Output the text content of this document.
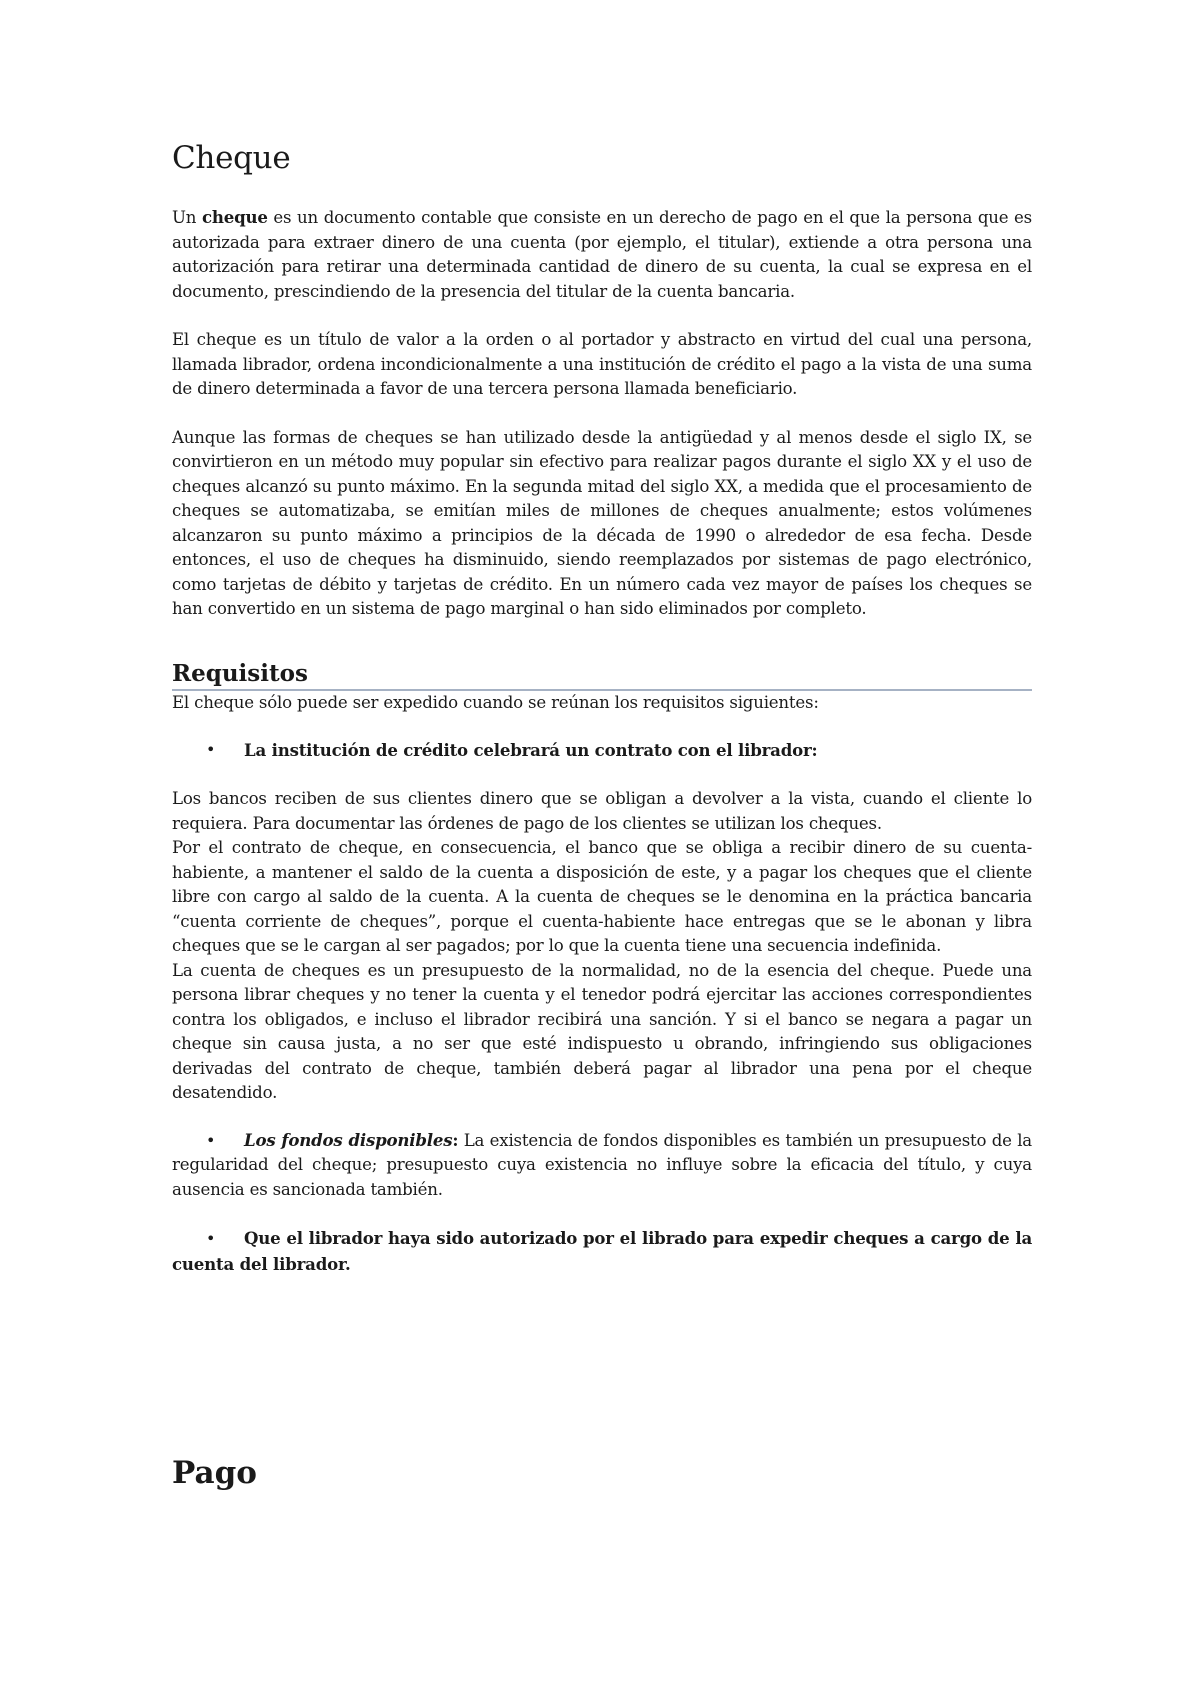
Cheque

Un cheque es un documento contable que consiste en un derecho de pago en el que la persona que es autorizada para extraer dinero de una cuenta (por ejemplo, el titular), extiende a otra persona una autorización para retirar una determinada cantidad de dinero de su cuenta, la cual se expresa en el documento, prescindiendo de la presencia del titular de la cuenta bancaria.

El cheque es un título de valor a la orden o al portador y abstracto en virtud del cual una persona, llamada librador, ordena incondicionalmente a una institución de crédito el pago a la vista de una suma de dinero determinada a favor de una tercera persona llamada beneficiario.

Aunque las formas de cheques se han utilizado desde la antigüedad y al menos desde el siglo IX, se convirtieron en un método muy popular sin efectivo para realizar pagos durante el siglo XX y el uso de cheques alcanzó su punto máximo. En la segunda mitad del siglo XX, a medida que el procesamiento de cheques se automatizaba, se emitían miles de millones de cheques anualmente; estos volúmenes alcanzaron su punto máximo a principios de la década de 1990 o alrededor de esa fecha. Desde entonces, el uso de cheques ha disminuido, siendo reemplazados por sistemas de pago electrónico, como tarjetas de débito y tarjetas de crédito. En un número cada vez mayor de países los cheques se han convertido en un sistema de pago marginal o han sido eliminados por completo.

Requisitos

El cheque sólo puede ser expedido cuando se reúnan los requisitos siguientes:

• La institución de crédito celebrará un contrato con el librador:

Los bancos reciben de sus clientes dinero que se obligan a devolver a la vista, cuando el cliente lo requiera. Para documentar las órdenes de pago de los clientes se utilizan los cheques.

Por el contrato de cheque, en consecuencia, el banco que se obliga a recibir dinero de su cuenta-habiente, a mantener el saldo de la cuenta a disposición de este, y a pagar los cheques que el cliente libre con cargo al saldo de la cuenta. A la cuenta de cheques se le denomina en la práctica bancaria “cuenta corriente de cheques”, porque el cuenta-habiente hace entregas que se le abonan y libra cheques que se le cargan al ser pagados; por lo que la cuenta tiene una secuencia indefinida.

La cuenta de cheques es un presupuesto de la normalidad, no de la esencia del cheque. Puede una persona librar cheques y no tener la cuenta y el tenedor podrá ejercitar las acciones correspondientes contra los obligados, e incluso el librador recibirá una sanción. Y si el banco se negara a pagar un cheque sin causa justa, a no ser que esté indispuesto u obrando, infringiendo sus obligaciones derivadas del contrato de cheque, también deberá pagar al librador una pena por el cheque desatendido.

• Los fondos disponibles: La existencia de fondos disponibles es también un presupuesto de la regularidad del cheque; presupuesto cuya existencia no influye sobre la eficacia del título, y cuya ausencia es sancionada también.
• Que el librador haya sido autorizado por el librado para expedir cheques a cargo de la cuenta del librador.
Pago
